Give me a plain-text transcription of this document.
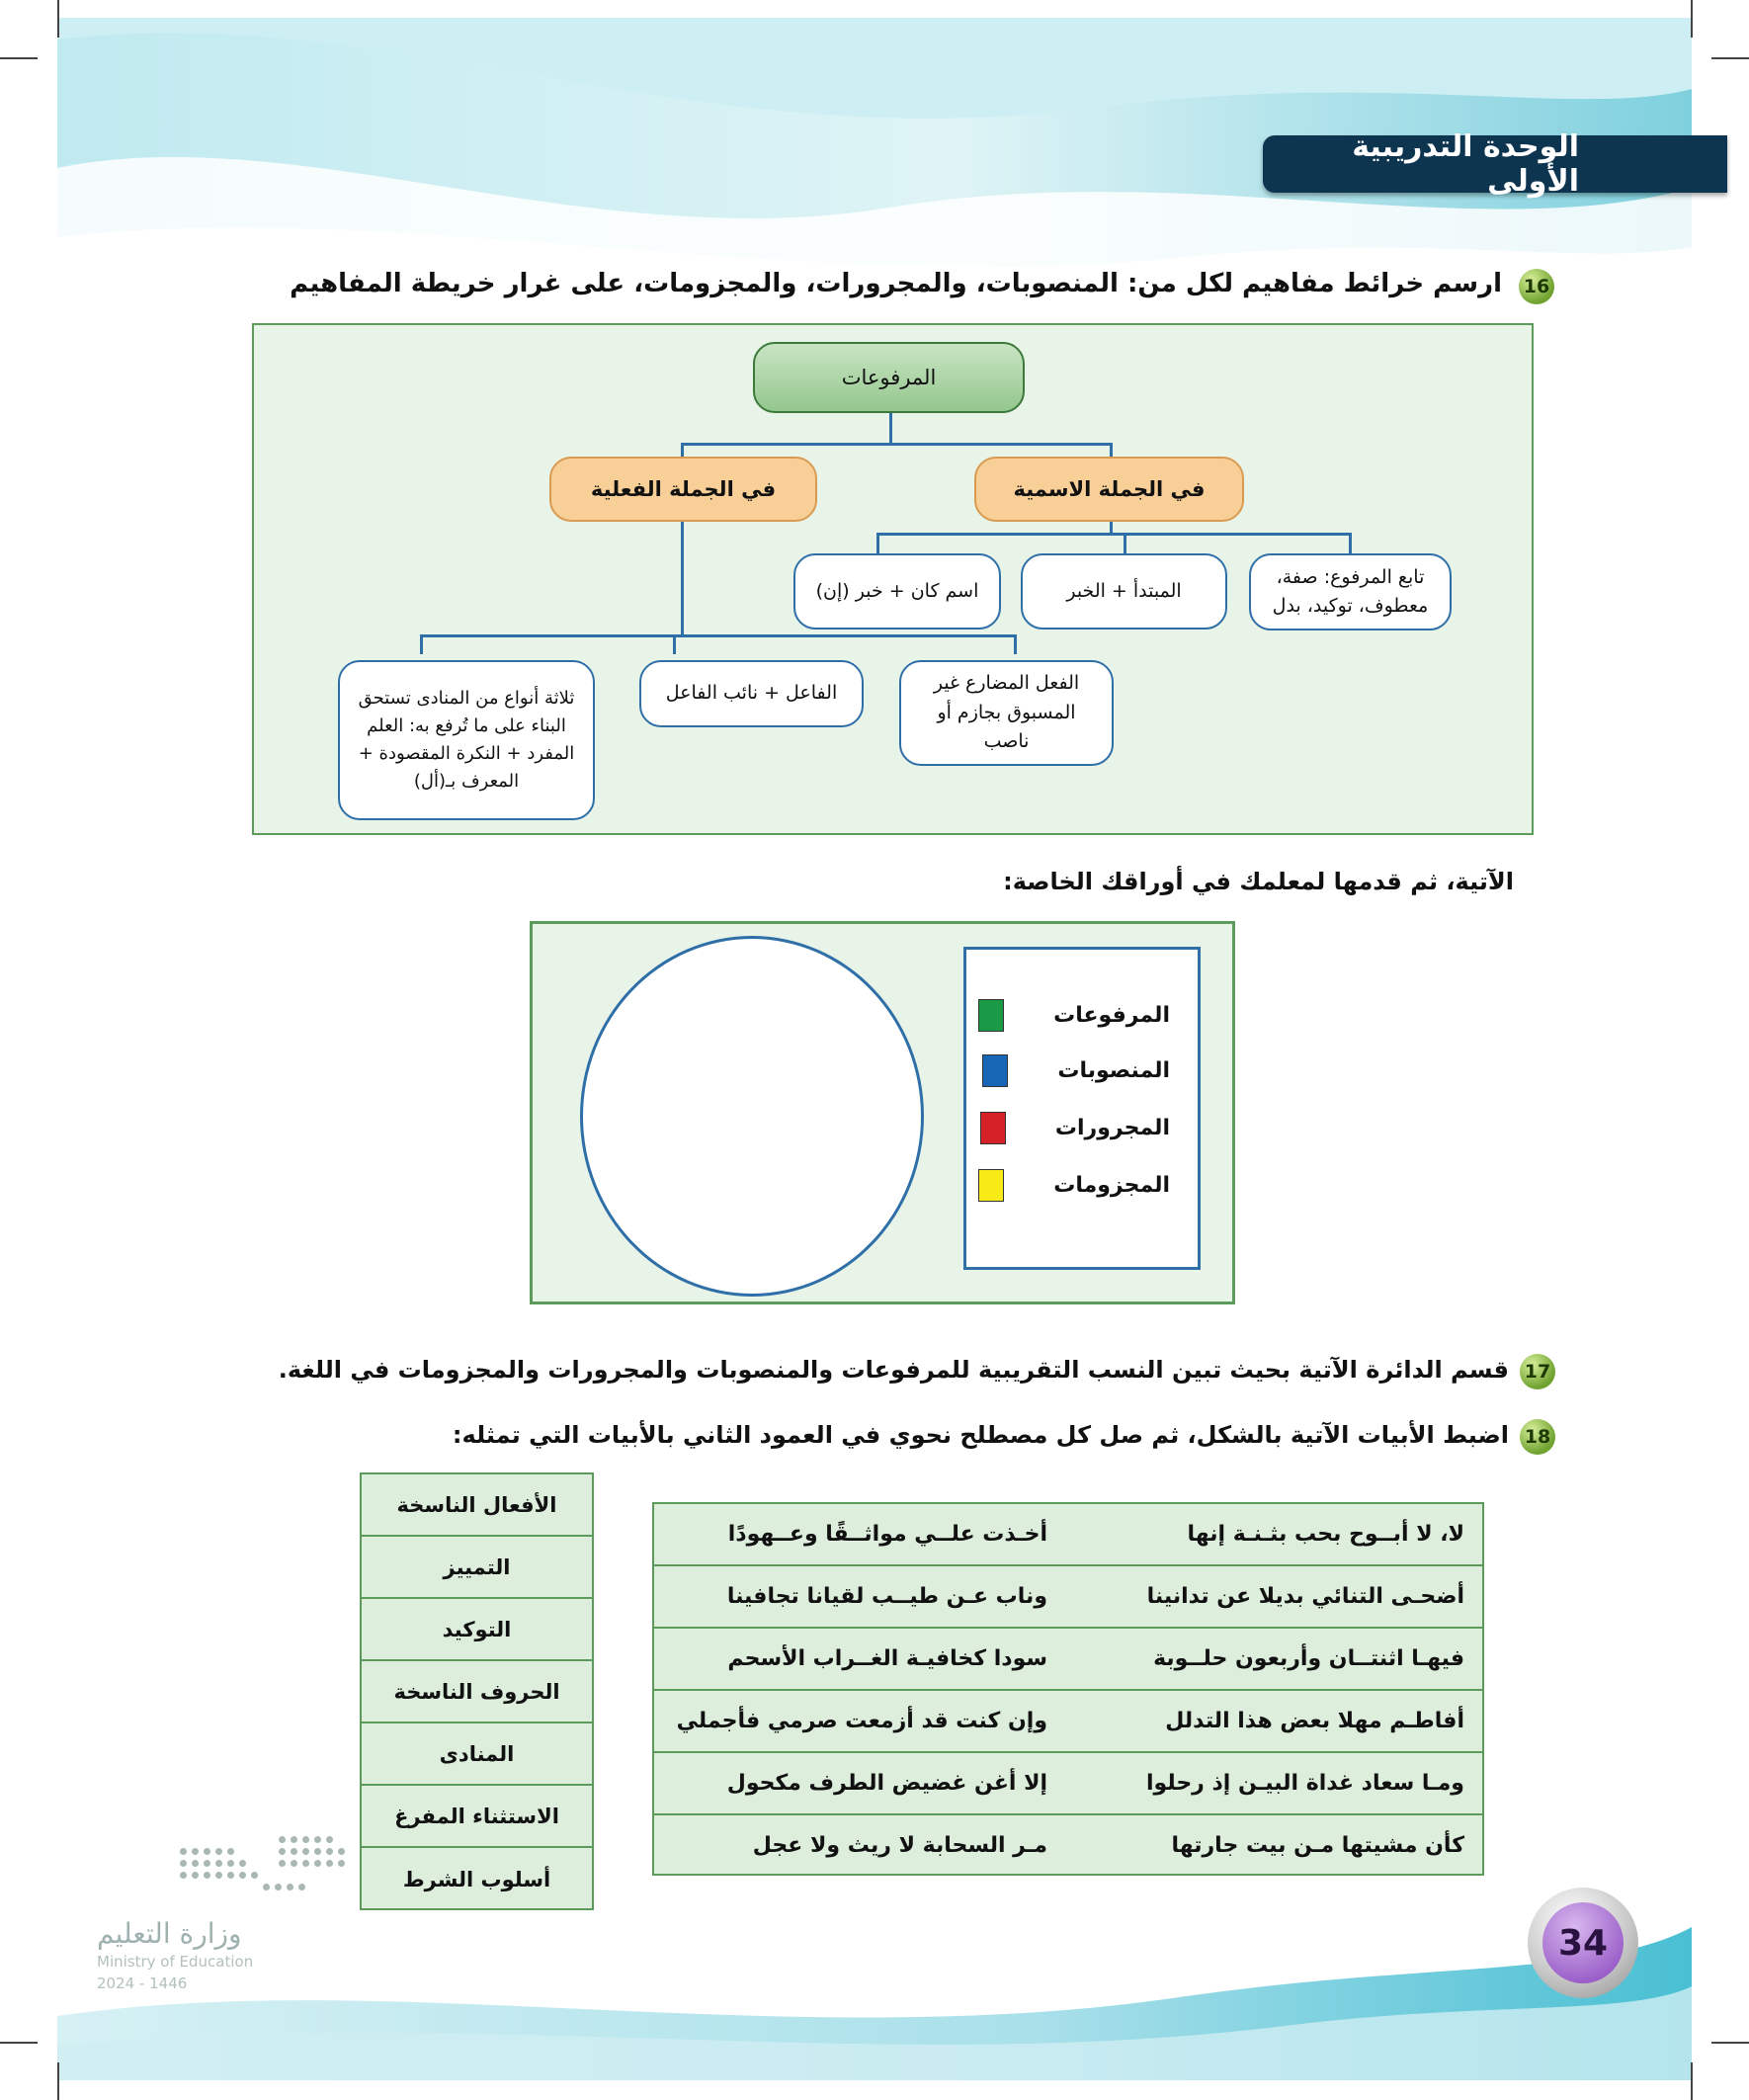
الوحدة التدريبية الأولى
16
ارسم خرائط مفاهيم لكل من: المنصوبات، والمجرورات، والمجزومات، على غرار خريطة المفاهيم
المرفوعات
في الجملة الاسمية
في الجملة الفعلية
تابع المرفوع: صفة، معطوف، توكيد، بدل
المبتدأ + الخبر
اسم كان + خبر (إن)
الفعل المضارع غير المسبوق بجازم أو ناصب
الفاعل + نائب الفاعل
ثلاثة أنواع من المنادى تستحق البناء على ما تُرفع به: العلم المفرد + النكرة المقصودة + المعرف بـ(أل)
الآتية، ثم قدمها لمعلمك في أوراقك الخاصة:
المرفوعات
المنصوبات
المجرورات
المجزومات
17
قسم الدائرة الآتية بحيث تبين النسب التقريبية للمرفوعات والمنصوبات والمجرورات والمجزومات في اللغة.
18
اضبط الأبيات الآتية بالشكل، ثم صل كل مصطلح نحوي في العمود الثاني بالأبيات التي تمثله:
الأفعال الناسخة
التمييز
التوكيد
الحروف الناسخة
المنادى
الاستثناء المفرغ
أسلوب الشرط
لا، لا أبــوح بحب بثـنـة إنها
أخـذت علــي مواثــقًا وعــهودًا
أضحـى التنائي بديلا عن تدانينا
وناب عـن طيــب لقيانا تجافينا
فيهـا اثنتــان وأربعون حلــوبة
سودا كخافيـة الغــراب الأسحم
أفاطـم مهلا بعض هذا التدلل
وإن كنت قد أزمعت صرمي فأجملي
ومـا سعاد غداة البيـن إذ رحلوا
إلا أغن غضيض الطرف مكحول
كأن مشيتها مـن بيت جارتها
مـر السحابة لا ريث ولا عجل
وزارة التعليم
Ministry of Education
2024 - 1446
34
